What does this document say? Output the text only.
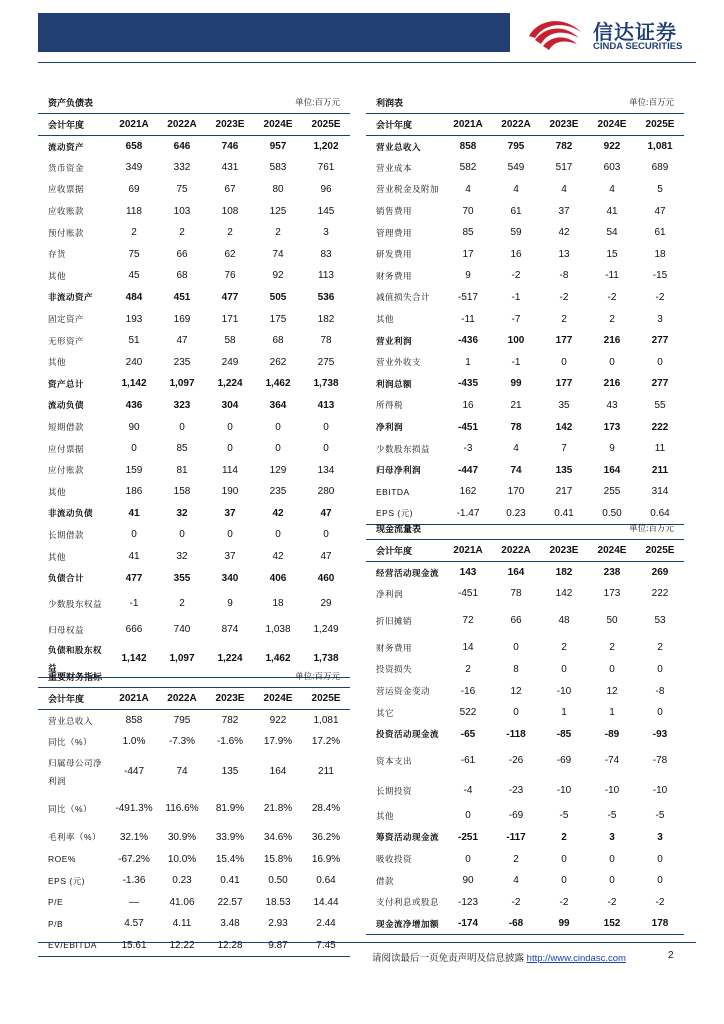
信达证券
CINDA SECURITIES
资产负债表	单位:百万元
会计年度	2021A	2022A	2023E	2024E	2025E
流动资产	658	646	746	957	1,202
货币资金	349	332	431	583	761
应收票据	69	75	67	80	96
应收账款	118	103	108	125	145
预付账款	2	2	2	2	3
存货	75	66	62	74	83
其他	45	68	76	92	113
非流动资产	484	451	477	505	536
固定资产	193	169	171	175	182
无形资产	51	47	58	68	78
其他	240	235	249	262	275
资产总计	1,142	1,097	1,224	1,462	1,738
流动负债	436	323	304	364	413
短期借款	90	0	0	0	0
应付票据	0	85	0	0	0
应付账款	159	81	114	129	134
其他	186	158	190	235	280
非流动负债	41	32	37	42	47
长期借款	0	0	0	0	0
其他	41	32	37	42	47
负债合计	477	355	340	406	460
少数股东权益	-1	2	9	18	29
归母权益	666	740	874	1,038	1,249
负债和股东权益	1,142	1,097	1,224	1,462	1,738
利润表	单位:百万元
会计年度	2021A	2022A	2023E	2024E	2025E
营业总收入	858	795	782	922	1,081
营业成本	582	549	517	603	689
营业税金及附加	4	4	4	4	5
销售费用	70	61	37	41	47
管理费用	85	59	42	54	61
研发费用	17	16	13	15	18
财务费用	9	-2	-8	-11	-15
减值损失合计	-517	-1	-2	-2	-2
其他	-11	-7	2	2	3
营业利润	-436	100	177	216	277
营业外收支	1	-1	0	0	0
利润总额	-435	99	177	216	277
所得税	16	21	35	43	55
净利润	-451	78	142	173	222
少数股东损益	-3	4	7	9	11
归母净利润	-447	74	135	164	211
EBITDA	162	170	217	255	314
EPS (元)	-1.47	0.23	0.41	0.50	0.64
现金流量表	单位:百万元
会计年度	2021A	2022A	2023E	2024E	2025E
经营活动现金流	143	164	182	238	269
净利润	-451	78	142	173	222
折旧摊销	72	66	48	50	53
财务费用	14	0	2	2	2
投资损失	2	8	0	0	0
营运资金变动	-16	12	-10	12	-8
其它	522	0	1	1	0
投资活动现金流	-65	-118	-85	-89	-93
资本支出	-61	-26	-69	-74	-78
长期投资	-4	-23	-10	-10	-10
其他	0	-69	-5	-5	-5
筹资活动现金流	-251	-117	2	3	3
吸收投资	0	2	0	0	0
借款	90	4	0	0	0
支付利息或股息	-123	-2	-2	-2	-2
现金流净增加额	-174	-68	99	152	178
重要财务指标	单位:百万元
会计年度	2021A	2022A	2023E	2024E	2025E
营业总收入	858	795	782	922	1,081
同比（%）	1.0%	-7.3%	-1.6%	17.9%	17.2%
归属母公司净利润	-447	74	135	164	211
同比（%）	-491.3%	116.6%	81.9%	21.8%	28.4%
毛利率（%）	32.1%	30.9%	33.9%	34.6%	36.2%
ROE%	-67.2%	10.0%	15.4%	15.8%	16.9%
EPS (元)	-1.36	0.23	0.41	0.50	0.64
P/E	—	41.06	22.57	18.53	14.44
P/B	4.57	4.11	3.48	2.93	2.44
EV/EBITDA	15.61	12.22	12.28	9.87	7.45
请阅读最后一页免责声明及信息披露 http://www.cindasc.com	2
